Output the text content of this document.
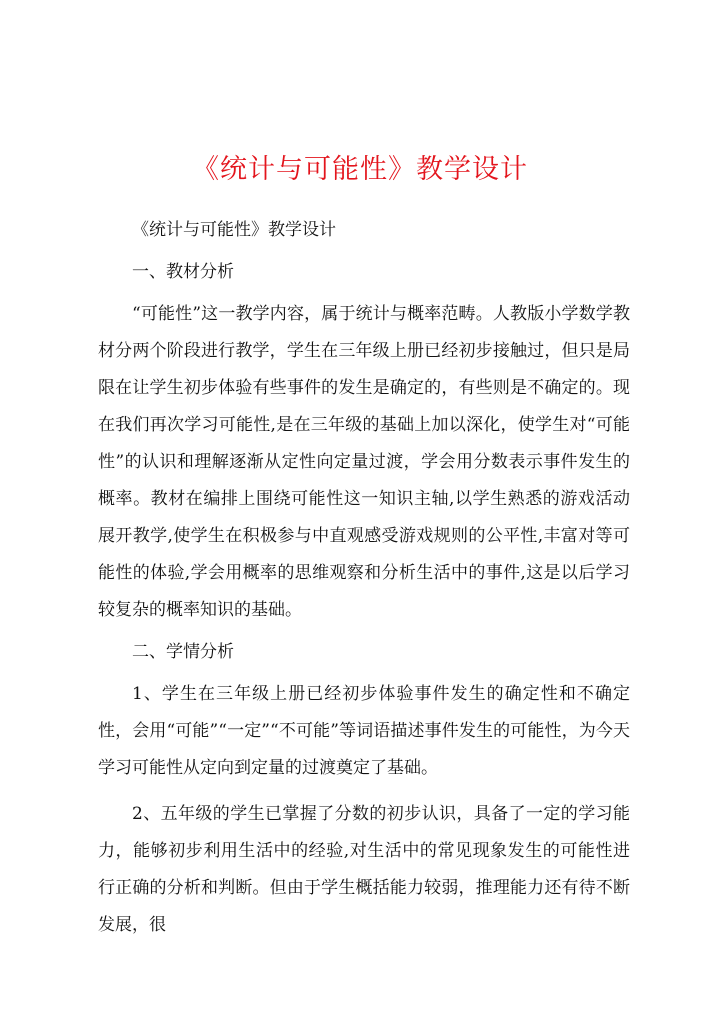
《统计与可能性》教学设计

《统计与可能性》教学设计

一、教材分析

“可能性”这一教学内容，属于统计与概率范畴。人教版小学数学教材分两个阶段进行教学，学生在三年级上册已经初步接触过，但只是局限在让学生初步体验有些事件的发生是确定的，有些则是不确定的。现在我们再次学习可能性,是在三年级的基础上加以深化，使学生对“可能性”的认识和理解逐渐从定性向定量过渡，学会用分数表示事件发生的概率。教材在编排上围绕可能性这一知识主轴,以学生熟悉的游戏活动展开教学,使学生在积极参与中直观感受游戏规则的公平性,丰富对等可能性的体验,学会用概率的思维观察和分析生活中的事件,这是以后学习较复杂的概率知识的基础。

二、学情分析

1、学生在三年级上册已经初步体验事件发生的确定性和不确定性，会用“可能”“一定”“不可能”等词语描述事件发生的可能性，为今天学习可能性从定向到定量的过渡奠定了基础。

2、五年级的学生已掌握了分数的初步认识，具备了一定的学习能力，能够初步利用生活中的经验,对生活中的常见现象发生的可能性进行正确的分析和判断。但由于学生概括能力较弱，推理能力还有待不断发展，很
